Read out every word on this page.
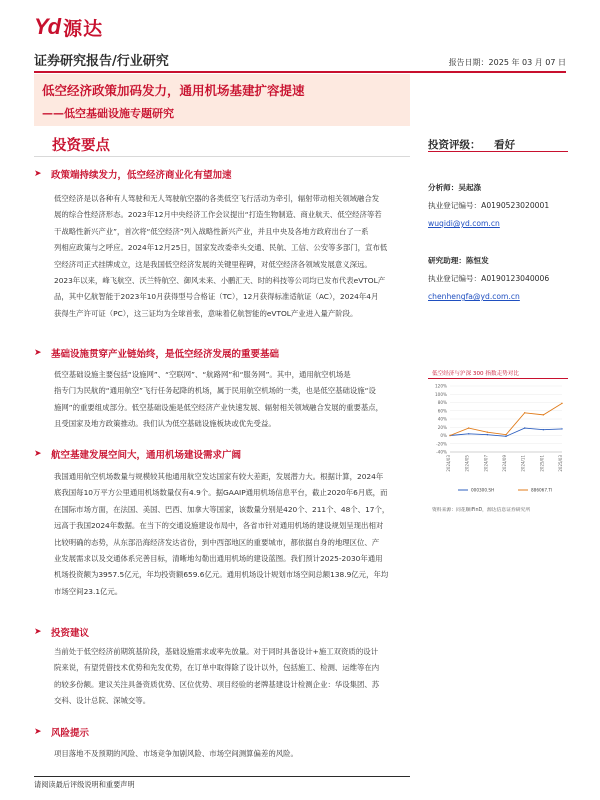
Yd 源达
证券研究报告/行业研究	报告日期：2025 年 03 月 07 日
低空经济政策加码发力，通用机场基建扩容提速
——低空基础设施专题研究
投资要点
➤ 政策端持续发力，低空经济商业化有望加速
低空经济是以各种有人驾驶和无人驾驶航空器的各类低空飞行活动为牵引，辐射带动相关领域融合发
展的综合性经济形态。2023年12月中央经济工作会议提出“打造生物制造、商业航天、低空经济等若
干战略性新兴产业”，首次将“低空经济”列入战略性新兴产业，并且中央及各地方政府出台了一系
列相应政策与之呼应。2024年12月25日，国家发改委牵头交通、民航、工信、公安等多部门，宣布低
空经济司正式挂牌成立，这是我国低空经济发展的关键里程碑，对低空经济各领域发展意义深远。
2023年以来，峰飞航空、沃兰特航空、御风未来、小鹏汇天、时的科技等公司均已发布代表eVTOL产
品，其中亿航智能于2023年10月获得型号合格证（TC），12月获得标准适航证（AC），2024年4月
获得生产许可证（PC），这三证均为全球首张，意味着亿航智能的eVTOL产业进入量产阶段。
➤ 基础设施贯穿产业链始终，是低空经济发展的重要基础
低空基础设施主要包括“设施网”、“空联网”、“航路网”和“服务网”。其中，通用航空机场是
指专门为民航的“通用航空”飞行任务起降的机场，属于民用航空机场的一类，也是低空基础设施“设
施网”的重要组成部分。低空基础设施是低空经济产业快速发展、辐射相关领域融合发展的重要基点，
且受国家及地方政策推动。我们认为低空基础设施板块或优先受益。
➤ 航空基建发展空间大，通用机场建设需求广阔
我国通用航空机场数量与规模较其他通用航空发达国家有较大差距，发展潜力大。根据计算，2024年
底我国每10万平方公里通用机场数量仅有4.9个。据GAAIP通用机场信息平台，截止2020年6月底，而
在国际市场方面，在法国、美国、巴西、加拿大等国家，该数量分别是420个、211个、48个、17个，
远高于我国2024年数据。在当下的交通设施建设布局中，各省市针对通用机场的建设规划呈现出相对
比较明确的态势，从东部沿海经济发达省份，到中西部地区的重要城市，都依据自身的地理区位、产
业发展需求以及交通体系完善目标，清晰地勾勒出通用机场的建设蓝图。我们预计2025-2030年通用
机场投资额为3957.5亿元，年均投资额659.6亿元。通用机场设计规划市场空间总额138.9亿元，年均
市场空间23.1亿元。
➤ 投资建议
当前处于低空经济前期筑基阶段，基础设施需求或率先放量。对于同时具备设计+施工双资质的设计
院来说，有望凭借技术优势和先发优势，在订单中取得除了设计以外，包括施工、检测、运维等在内
的较多份额。建议关注具备资质优势、区位优势、项目经验的老牌基建设计检测企业：华设集团、苏
交科、设计总院、深城交等。
➤ 风险提示
项目落地不及预期的风险、市场竞争加剧风险、市场空间测算偏差的风险。
请阅读最后评级说明和重要声明
投资评级： 看好
分析师：吴起涤
执业登记编号：A0190523020001
wuqidi@yd.com.cn
研究助理：陈恒发
执业登记编号：A0190123040006
chenhengfa@yd.com.cn
低空经济与沪深 300 指数走势对比
-40%
-20%
0%
20%
40%
60%
80%
100%
120%
2024/03	2024/05	2024/07	2024/09	2024/11	2025/01	2025/03
000300.SH	886067.TI
资料来源：同花顺iFinD，源达信息证券研究所
